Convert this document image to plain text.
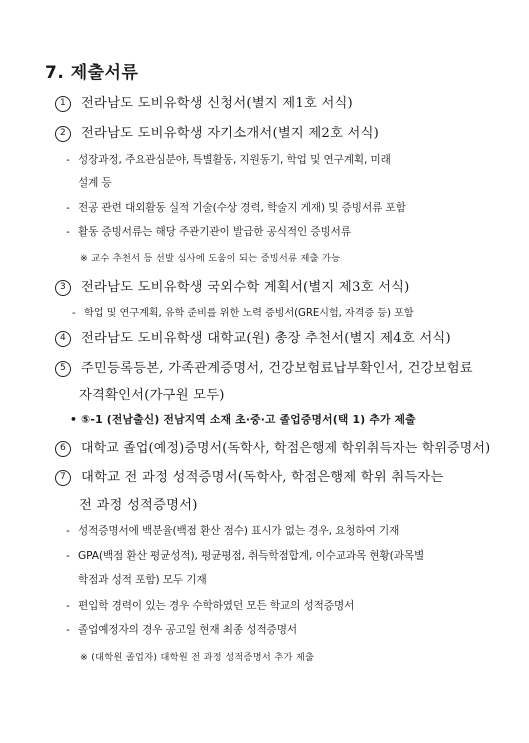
7. 제출서류
1 전라남도 도비유학생 신청서(별지 제1호 서식)
2 전라남도 도비유학생 자기소개서(별지 제2호 서식)
- 성장과정, 주요관심분야, 특별활동, 지원동기, 학업 및 연구계획, 미래
설계 등
- 전공 관련 대외활동 실적 기술(수상 경력, 학술지 게재) 및 증빙서류 포함
- 활동 증빙서류는 해당 주관기관이 발급한 공식적인 증빙서류
※ 교수 추천서 등 선발 심사에 도움이 되는 증빙서류 제출 가능
3 전라남도 도비유학생 국외수학 계획서(별지 제3호 서식)
- 학업 및 연구계획, 유학 준비를 위한 노력 증빙서(GRE시험, 자격증 등) 포함
4 전라남도 도비유학생 대학교(원) 총장 추천서(별지 제4호 서식)
5 주민등록등본, 가족관계증명서, 건강보험료납부확인서, 건강보험료
자격확인서(가구원 모두)
• ⑤-1 (전남출신) 전남지역 소재 초·중·고 졸업증명서(택 1) 추가 제출
6 대학교 졸업(예정)증명서(독학사, 학점은행제 학위취득자는 학위증명서)
7 대학교 전 과정 성적증명서(독학사, 학점은행제 학위 취득자는
전 과정 성적증명서)
- 성적증명서에 백분율(백점 환산 점수) 표시가 없는 경우, 요청하여 기재
- GPA(백점 환산 평균성적), 평균평점, 취득학점합계, 이수교과목 현황(과목별
학점과 성적 포함) 모두 기재
- 편입학 경력이 있는 경우 수학하였던 모든 학교의 성적증명서
- 졸업예정자의 경우 공고일 현재 최종 성적증명서
※ (대학원 졸업자) 대학원 전 과정 성적증명서 추가 제출
